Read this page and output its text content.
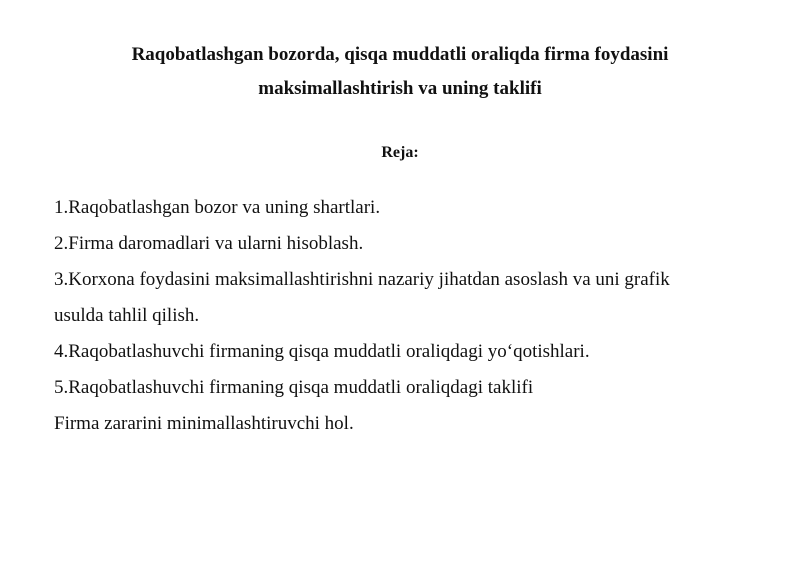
Raqobatlashgan bozorda, qisqa muddatli oraliqda firma foydasini
maksimallashtirish va uning taklifi
Reja:
1.Raqobatlashgan bozor va uning shartlari.
2.Firma daromadlari va ularni hisoblash.
3.Korxona foydasini maksimallashtirishni nazariy jihatdan asoslash va uni grafik
usulda tahlil qilish.
4.Raqobatlashuvchi firmaning qisqa muddatli oraliqdagi yo‘qotishlari.
5.Raqobatlashuvchi firmaning qisqa muddatli oraliqdagi taklifi
Firma zararini minimallashtiruvchi hol.
